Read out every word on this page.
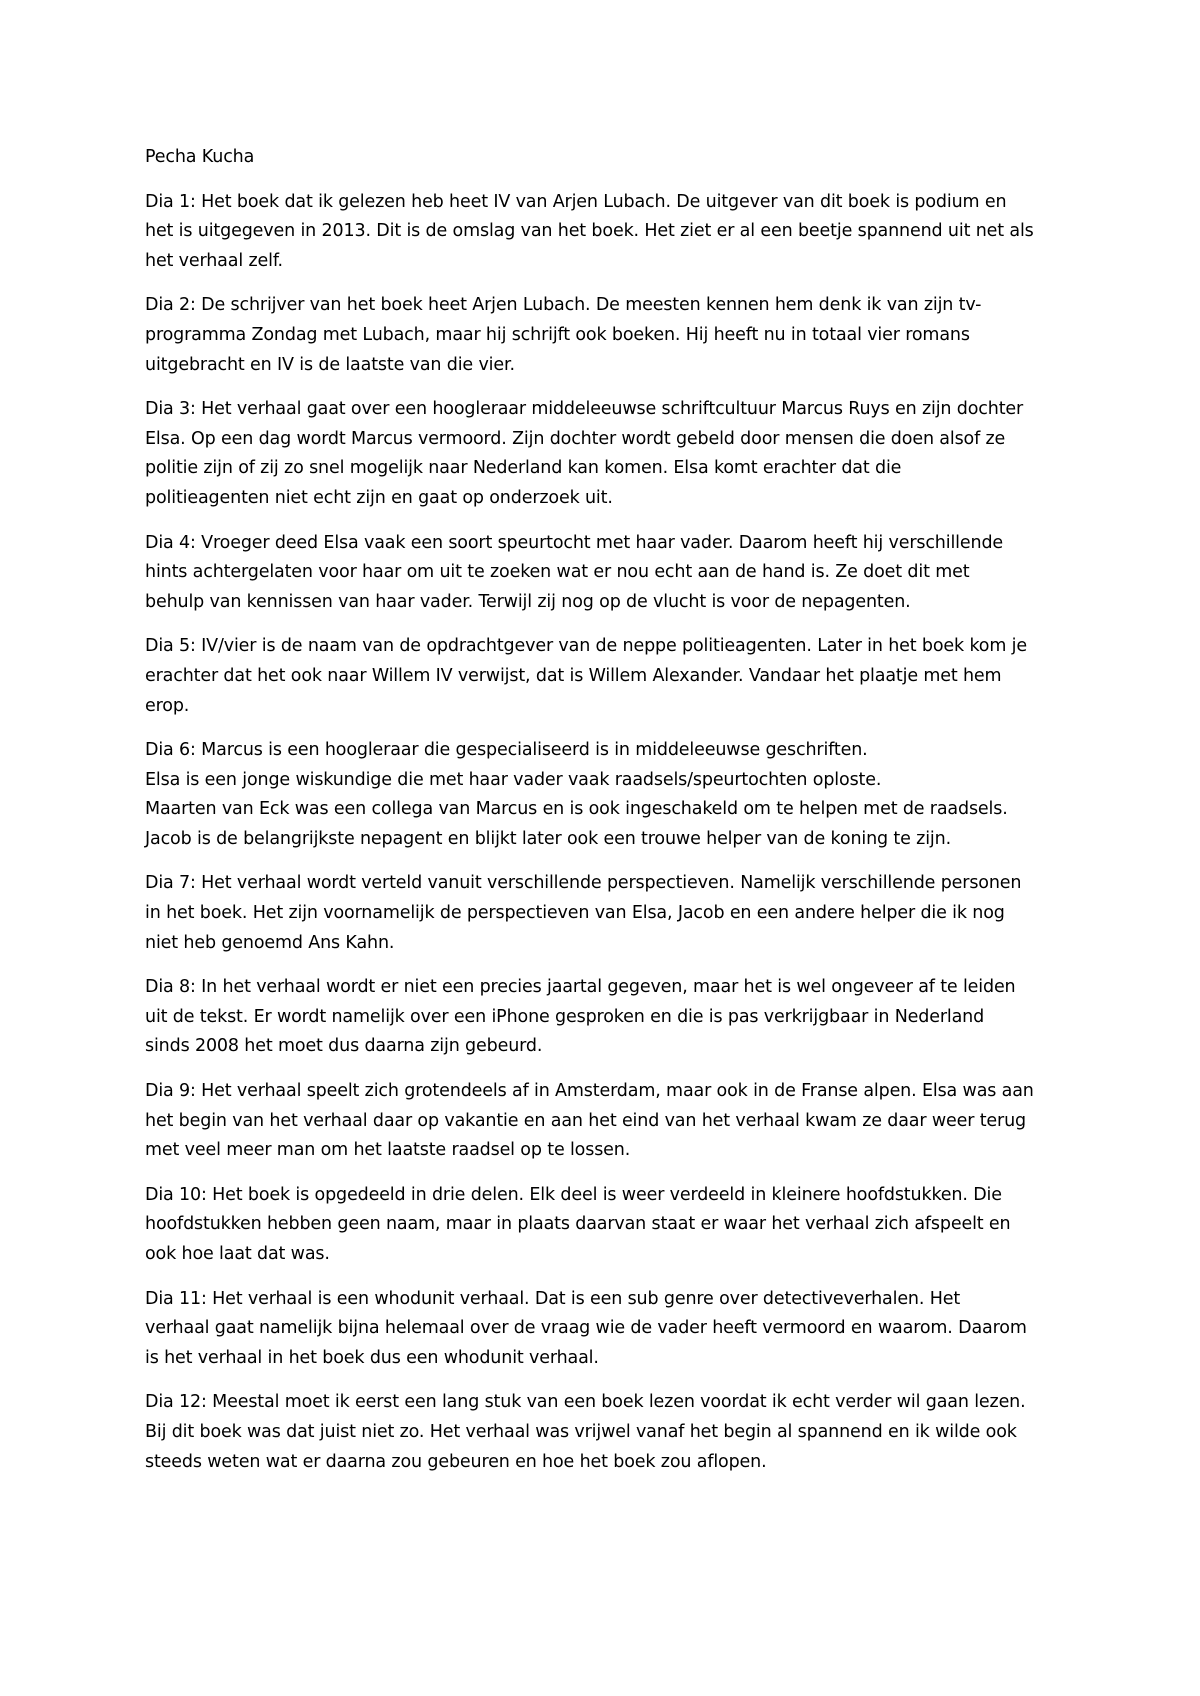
Pecha Kucha
Dia 1: Het boek dat ik gelezen heb heet IV van Arjen Lubach. De uitgever van dit boek is podium en
het is uitgegeven in 2013. Dit is de omslag van het boek. Het ziet er al een beetje spannend uit net als
het verhaal zelf.
Dia 2: De schrijver van het boek heet Arjen Lubach. De meesten kennen hem denk ik van zijn tv-
programma Zondag met Lubach, maar hij schrijft ook boeken. Hij heeft nu in totaal vier romans
uitgebracht en IV is de laatste van die vier.
Dia 3: Het verhaal gaat over een hoogleraar middeleeuwse schriftcultuur Marcus Ruys en zijn dochter
Elsa. Op een dag wordt Marcus vermoord. Zijn dochter wordt gebeld door mensen die doen alsof ze
politie zijn of zij zo snel mogelijk naar Nederland kan komen. Elsa komt erachter dat die
politieagenten niet echt zijn en gaat op onderzoek uit.
Dia 4: Vroeger deed Elsa vaak een soort speurtocht met haar vader. Daarom heeft hij verschillende
hints achtergelaten voor haar om uit te zoeken wat er nou echt aan de hand is. Ze doet dit met
behulp van kennissen van haar vader. Terwijl zij nog op de vlucht is voor de nepagenten.
Dia 5: IV/vier is de naam van de opdrachtgever van de neppe politieagenten. Later in het boek kom je
erachter dat het ook naar Willem IV verwijst, dat is Willem Alexander. Vandaar het plaatje met hem
erop.
Dia 6: Marcus is een hoogleraar die gespecialiseerd is in middeleeuwse geschriften.
Elsa is een jonge wiskundige die met haar vader vaak raadsels/speurtochten oploste.
Maarten van Eck was een collega van Marcus en is ook ingeschakeld om te helpen met de raadsels.
Jacob is de belangrijkste nepagent en blijkt later ook een trouwe helper van de koning te zijn.
Dia 7: Het verhaal wordt verteld vanuit verschillende perspectieven. Namelijk verschillende personen
in het boek. Het zijn voornamelijk de perspectieven van Elsa, Jacob en een andere helper die ik nog
niet heb genoemd Ans Kahn.
Dia 8: In het verhaal wordt er niet een precies jaartal gegeven, maar het is wel ongeveer af te leiden
uit de tekst. Er wordt namelijk over een iPhone gesproken en die is pas verkrijgbaar in Nederland
sinds 2008 het moet dus daarna zijn gebeurd.
Dia 9: Het verhaal speelt zich grotendeels af in Amsterdam, maar ook in de Franse alpen. Elsa was aan
het begin van het verhaal daar op vakantie en aan het eind van het verhaal kwam ze daar weer terug
met veel meer man om het laatste raadsel op te lossen.
Dia 10: Het boek is opgedeeld in drie delen. Elk deel is weer verdeeld in kleinere hoofdstukken. Die
hoofdstukken hebben geen naam, maar in plaats daarvan staat er waar het verhaal zich afspeelt en
ook hoe laat dat was.
Dia 11: Het verhaal is een whodunit verhaal. Dat is een sub genre over detectiveverhalen. Het
verhaal gaat namelijk bijna helemaal over de vraag wie de vader heeft vermoord en waarom. Daarom
is het verhaal in het boek dus een whodunit verhaal.
Dia 12: Meestal moet ik eerst een lang stuk van een boek lezen voordat ik echt verder wil gaan lezen.
Bij dit boek was dat juist niet zo. Het verhaal was vrijwel vanaf het begin al spannend en ik wilde ook
steeds weten wat er daarna zou gebeuren en hoe het boek zou aflopen.
